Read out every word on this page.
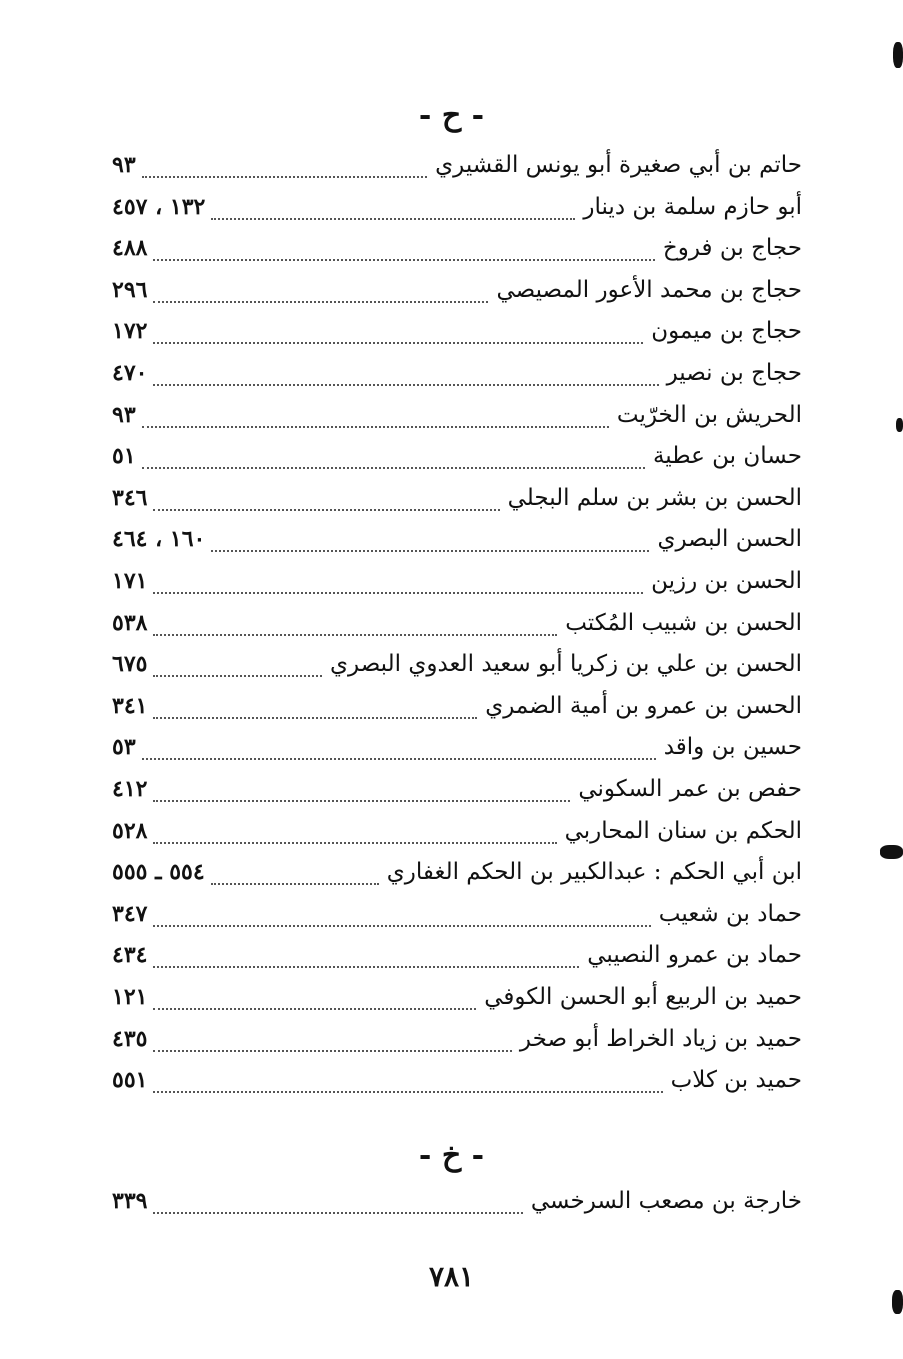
- ح -
حاتم بن أبي صغيرة أبو يونس القشيري
٩٣
أبو حازم سلمة بن دينار
١٣٢ ، ٤٥٧
حجاج بن فروخ
٤٨٨
حجاج بن محمد الأعور المصيصي
٢٩٦
حجاج بن ميمون
١٧٢
حجاج بن نصير
٤٧٠
الحريش بن الخرّيت
٩٣
حسان بن عطية
٥١
الحسن بن بشر بن سلم البجلي
٣٤٦
الحسن البصري
١٦٠ ، ٤٦٤
الحسن بن رزين
١٧١
الحسن بن شبيب المُكتب
٥٣٨
الحسن بن علي بن زكريا أبو سعيد العدوي البصري
٦٧٥
الحسن بن عمرو بن أمية الضمري
٣٤١
حسين بن واقد
٥٣
حفص بن عمر السكوني
٤١٢
الحكم بن سنان المحاربي
٥٢٨
ابن أبي الحكم : عبدالكبير بن الحكم الغفاري
٥٥٤ ـ ٥٥٥
حماد بن شعيب
٣٤٧
حماد بن عمرو النصيبي
٤٣٤
حميد بن الربيع أبو الحسن الكوفي
١٢١
حميد بن زياد الخراط أبو صخر
٤٣٥
حميد بن كلاب
٥٥١
- خ -
خارجة بن مصعب السرخسي
٣٣٩
٧٨١
